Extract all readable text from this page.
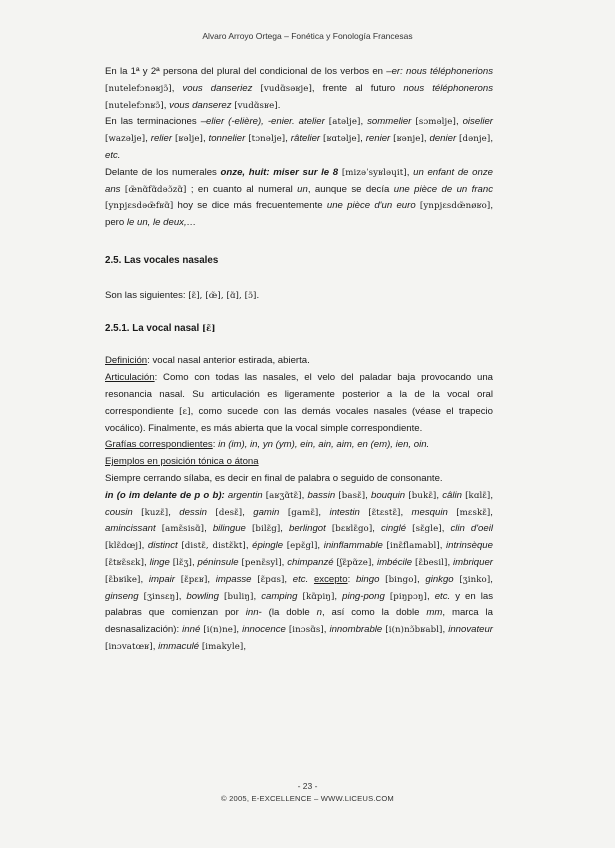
Alvaro Arroyo Ortega – Fonética y Fonología Francesas

En la 1ª y 2ª persona del plural del condicional de los verbos en –er: nous téléphonerions [nutelefɔnəʁjɔ̃], vous danseriez [vudɑ̃səʁje], frente al futuro nous téléphonerons [nutelefɔnʁɔ̃], vous danserez [vudɑ̃sʁe].

En las terminaciones –elier (-elière), -enier. atelier [atəlje], sommelier [sɔməlje], oiselier [wazəlje], relier [ʁəlje], tonnelier [tɔnəlje], râtelier [ʁɑtəlje], renier [ʁənje], denier [dənje], etc.

Delante de los numerales onze, huit: miser sur le 8 [mizəˈsyʁləɥit], un enfant de onze ans [œ̃nɑ̃fɑ̃dəɔ̃zɑ̃] ; en cuanto al numeral un, aunque se decía une pièce de un franc [ynpjɛsdəœ̃fʁɑ̃] hoy se dice más frecuentemente une pièce d'un euro [ynpjɛsdœ̃nøʁo], pero le un, le deux,…

2.5. Las vocales nasales

Son las siguientes: [ɛ̃], [œ̃], [ɑ̃], [ɔ̃].

2.5.1. La vocal nasal [ɛ̃]

Definición: vocal nasal anterior estirada, abierta.

Articulación: Como con todas las nasales, el velo del paladar baja provocando una resonancia nasal. Su articulación es ligeramente posterior a la de la vocal oral correspondiente [ɛ], como sucede con las demás vocales nasales (véase el trapecio vocálico). Finalmente, es más abierta que la vocal simple correspondiente.

Grafías correspondientes: in (im), in, yn (ym), ein, ain, aim, en (em), ien, oin.

Ejemplos en posición tónica o átona

Siempre cerrando sílaba, es decir en final de palabra o seguido de consonante.

in (o im delante de p o b): argentin [aʁʒɑ̃tɛ̃], bassin [basɛ̃], bouquin [bukɛ̃], câlin [kɑlɛ̃], cousin [kuzɛ̃], dessin [desɛ̃], gamin [gamɛ̃], intestin [ɛ̃tɛstɛ̃], mesquin [mɛskɛ̃], amincissant [amɛ̃sisɑ̃], bilingue [bilɛ̃g], berlingot [bɛʁlɛ̃go], cinglé [sɛ̃gle], clin d'oeil [klɛ̃dœj], distinct [distɛ̃, distɛ̃kt], épingle [epɛ̃gl], ininflammable [inɛ̃flamabl], intrinsèque [ɛ̃tʁɛ̃sɛk], linge [lɛ̃ʒ], péninsule [penɛ̃syl], chimpanzé [ʃɛ̃pɑ̃ze], imbécile [ɛ̃besil], imbriquer [ɛ̃bʁike], impair [ɛ̃pɛʁ], impasse [ɛ̃pɑs], etc. excepto: bingo [bingo], ginkgo [ʒinko], ginseng [ʒinsɛŋ], bowling [buliŋ], camping [kɑ̃piŋ], ping-pong [piŋpɔŋ], etc. y en las palabras que comienzan por inn- (la doble n, así como la doble mm, marca la desnasalización): inné [i(n)ne], innocence [inɔsɑ̃s], innombrable [i(n)nɔ̃bʁabl], innovateur [inɔvatœʁ], immaculé [imakyle],

- 23 -
© 2005, E-EXCELLENCE – WWW.LICEUS.COM
